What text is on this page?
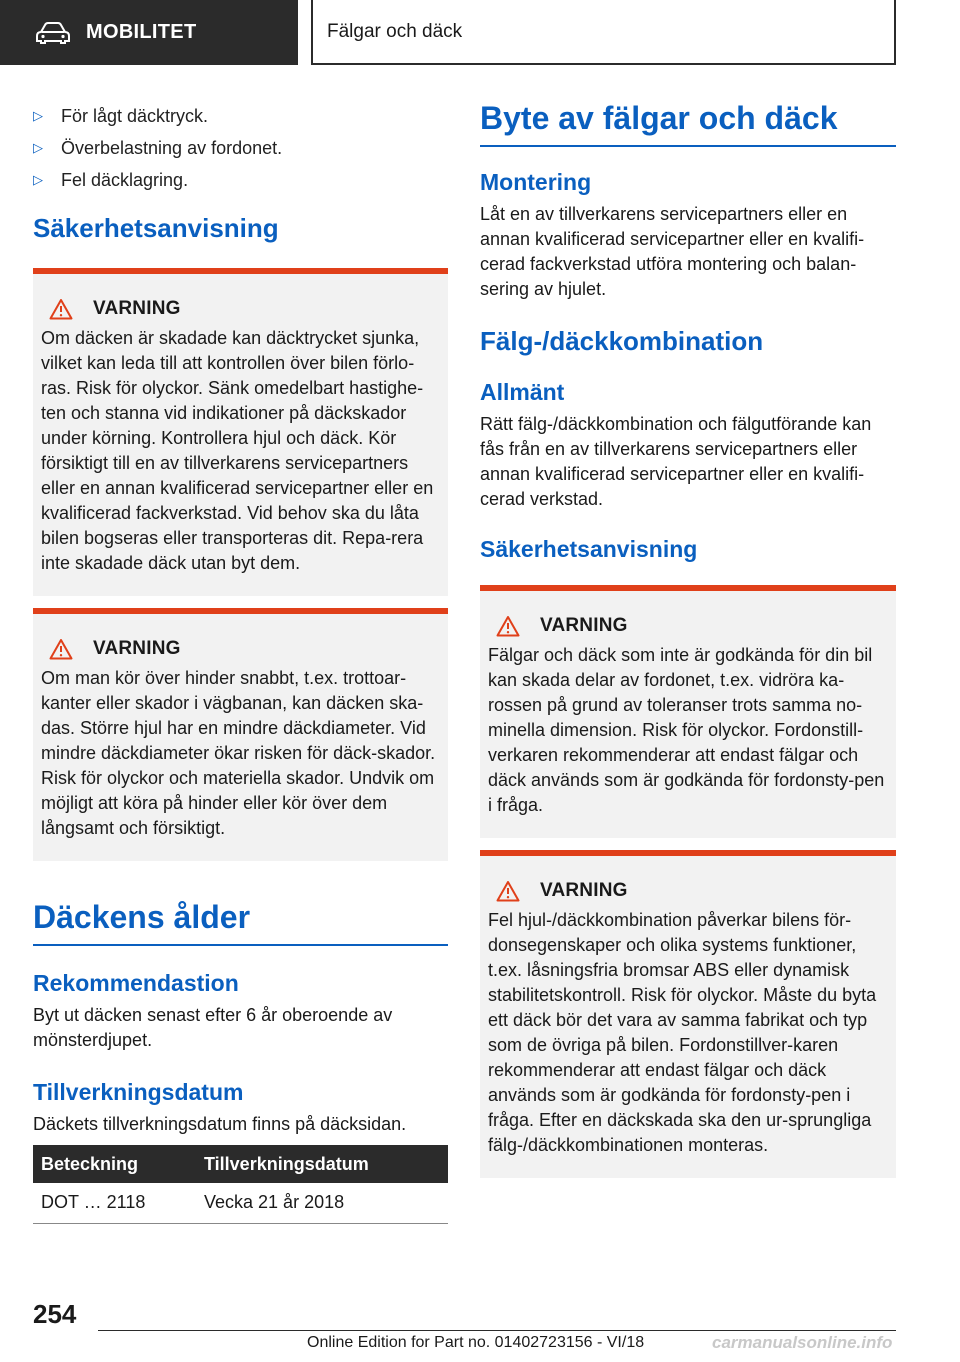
MOBILITET	Fälgar och däck
▷	För lågt däcktryck.
▷	Överbelastning av fordonet.
▷	Fel däcklagring.
Säkerhetsanvisning
VARNING

Om däcken är skadade kan däcktrycket sjunka, vilket kan leda till att kontrollen över bilen förlo-ras. Risk för olyckor. Sänk omedelbart hastighe-ten och stanna vid indikationer på däckskador under körning. Kontrollera hjul och däck. Kör försiktigt till en av tillverkarens servicepartners eller en annan kvalificerad servicepartner eller en kvalificerad fackverkstad. Vid behov ska du låta bilen bogseras eller transporteras dit. Repa-rera inte skadade däck utan byt dem.

VARNING

Om man kör över hinder snabbt, t.ex. trottoar-kanter eller skador i vägbanan, kan däcken ska-das. Större hjul har en mindre däckdiameter. Vid mindre däckdiameter ökar risken för däck-skador. Risk för olyckor och materiella skador. Undvik om möjligt att köra på hinder eller kör över dem långsamt och försiktigt.

Däckens ålder
Rekommendastion

Byt ut däcken senast efter 6 år oberoende av mönsterdjupet.

Tillverkningsdatum

Däckets tillverkningsdatum finns på däcksidan.

Beteckning	Tillverkningsdatum
DOT … 2118	Vecka 21 år 2018
Byte av fälgar och däck
Montering

Låt en av tillverkarens servicepartners eller en annan kvalificerad servicepartner eller en kvalifi-cerad fackverkstad utföra montering och balan-sering av hjulet.

Fälg-/däckkombination
Allmänt

Rätt fälg-/däckkombination och fälgutförande kan fås från en av tillverkarens servicepartners eller annan kvalificerad servicepartner eller en kvalifi-cerad verkstad.

Säkerhetsanvisning
VARNING

Fälgar och däck som inte är godkända för din bil kan skada delar av fordonet, t.ex. vidröra ka-rossen på grund av toleranser trots samma no-minella dimension. Risk för olyckor. Fordonstill-verkaren rekommenderar att endast fälgar och däck används som är godkända för fordonsty-pen i fråga.

VARNING

Fel hjul-/däckkombination påverkar bilens för-donsegenskaper och olika systems funktioner, t.ex. låsningsfria bromsar ABS eller dynamisk stabilitetskontroll. Risk för olyckor. Måste du byta ett däck bör det vara av samma fabrikat och typ som de övriga på bilen. Fordonstillver-karen rekommenderar att endast fälgar och däck används som är godkända för fordonsty-pen i fråga. Efter en däckskada ska den ur-sprungliga fälg-/däckkombinationen monteras.

254
Online Edition for Part no. 01402723156 - VI/18	carmanualsonline.info
